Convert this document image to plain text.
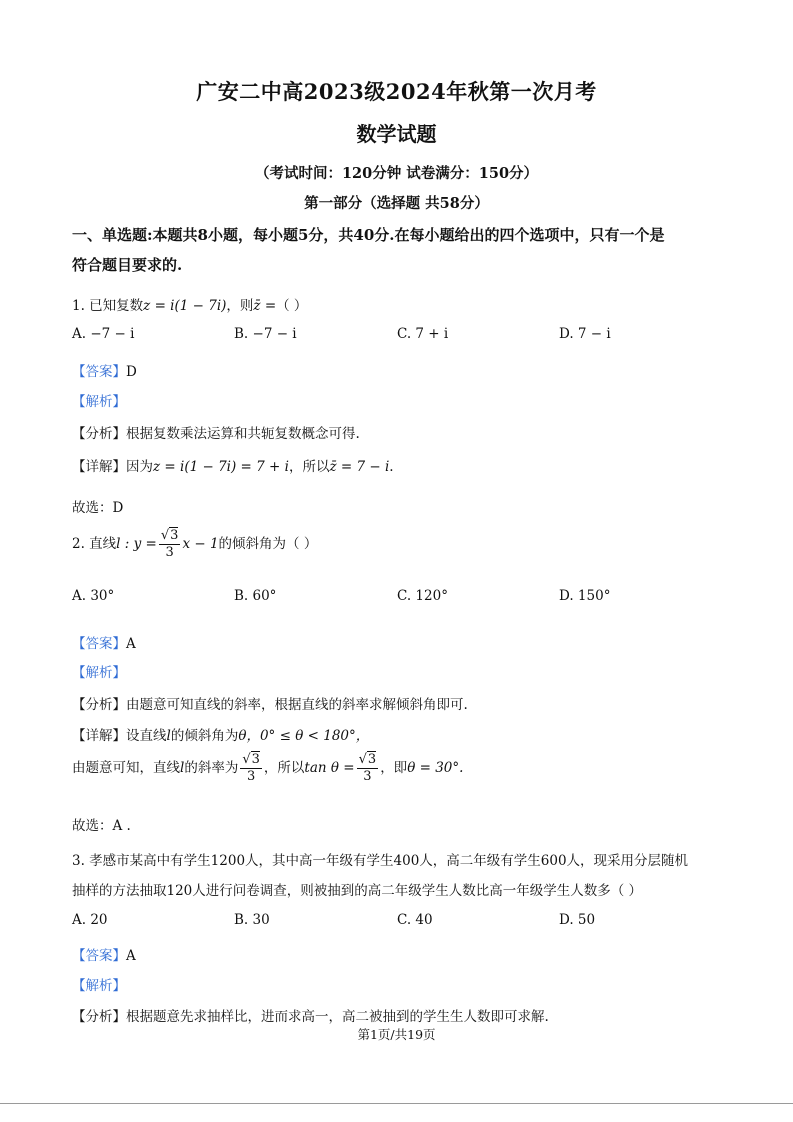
广安二中高2023级2024年秋第一次月考
数学试题
（考试时间：120分钟 试卷满分：150分）
第一部分（选择题 共58分）
一、单选题:本题共8小题，每小题5分，共40分.在每小题给出的四个选项中，只有一个是
符合题目要求的.
1. 已知复数z = i(1 − 7i)，则z̄ =（ ）
A. −7 − i	B. −7 − i	C. 7 + i	D. 7 − i
【答案】D
【解析】
【分析】根据复数乘法运算和共轭复数概念可得.
【详解】因为z = i(1 − 7i) = 7 + i，所以z̄ = 7 − i.
故选：D
2. 直线l : $y = \frac{√3}{3}$ x − 1的倾斜角为（ ）
A. 30°	B. 60°	C. 120°	D. 150°
【答案】A
【解析】
【分析】由题意可知直线的斜率，根据直线的斜率求解倾斜角即可.
【详解】设直线l的倾斜角为θ，0° ≤ θ < 180°，
由题意可知，直线l的斜率为 $\frac{√3}{3}$ ，所以$\tan \theta = \frac{√3}{3}$ ，即θ = 30°.
故选：A .
3. 孝感市某高中有学生1200人，其中高一年级有学生400人，高二年级有学生600人，现采用分层随机
抽样的方法抽取120人进行问卷调查，则被抽到的高二年级学生人数比高一年级学生人数多（ ）
A. 20	B. 30	C. 40	D. 50
【答案】A
【解析】
【分析】根据题意先求抽样比，进而求高一，高二被抽到的学生生人数即可求解.
第1页/共19页
